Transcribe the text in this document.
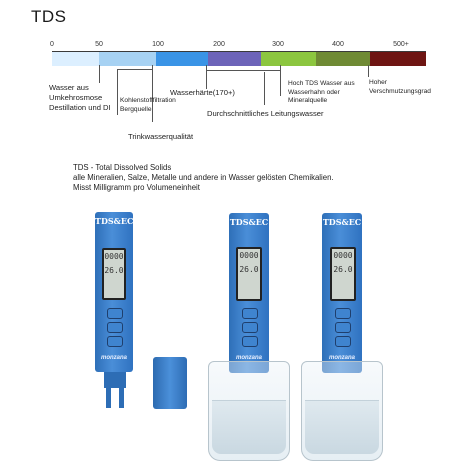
TDS
0	50	100	200	300	400	500+
Wasser aus
Umkehrosmose
Destillation und DI
Kohlenstofffiltration
Bergquelle
Trinkwasserqualität
Wasserhärte(170+)
Durchschnittliches Leitungswasser
Hoch TDS Wasser aus
Wasserhahn oder
Mineralquelle
Hoher
Verschmutzungsgrad
TDS - Total Dissolved Solids
alle Mineralien, Salze, Metalle und andere in Wasser gelösten Chemikalien.
Misst Milligramm pro Volumeneinheit
TDS&EC
0000
26.0
monzana
TDS&EC
0000
26.0
monzana
TDS&EC
0000
26.0
monzana
